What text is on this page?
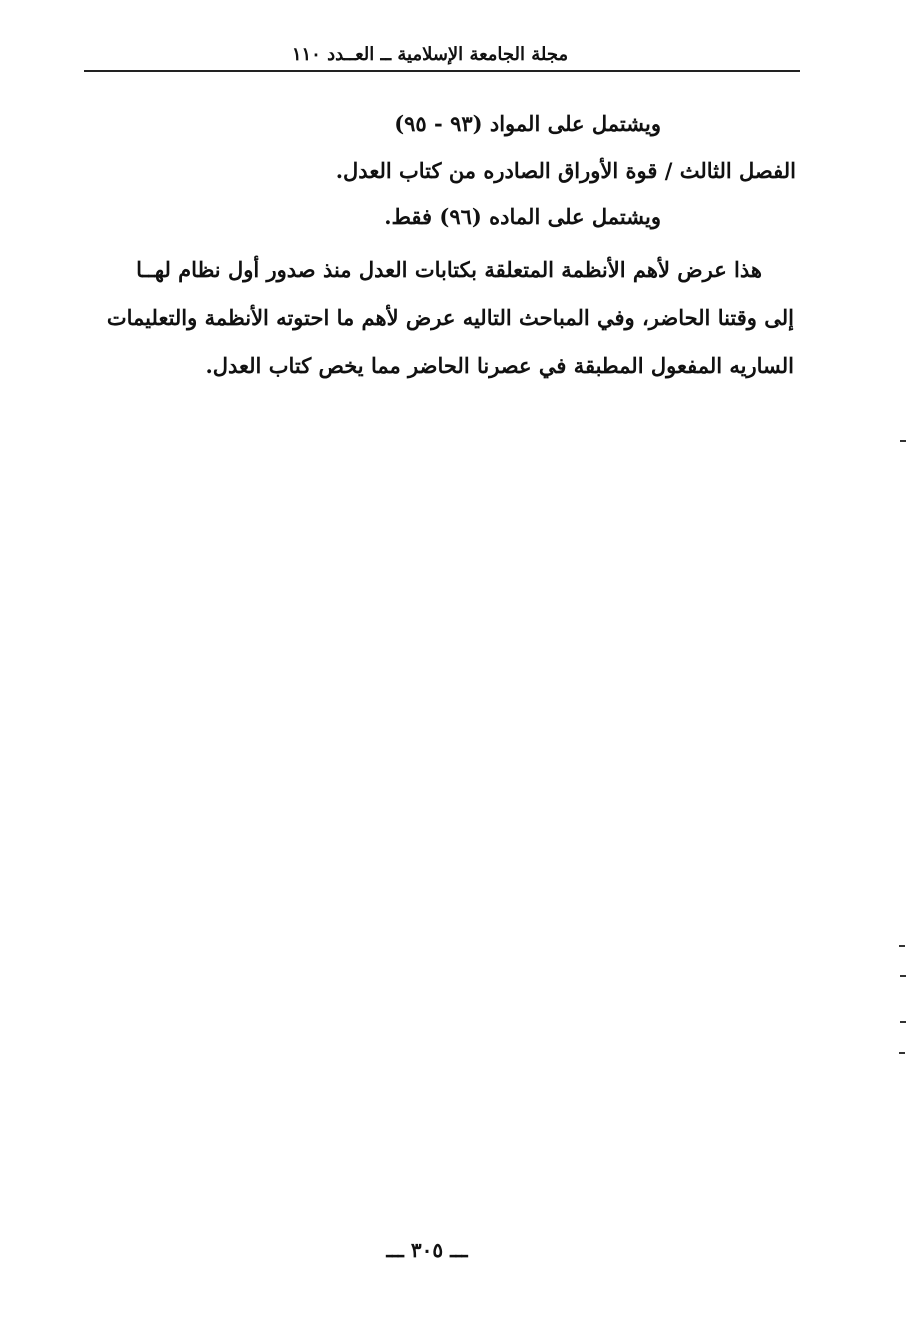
مجلة الجامعة الإسلامية ــ العــدد ١١٠
ويشتمل على المواد (٩٣ - ٩٥)
الفصل الثالث / قوة الأوراق الصادره من كتاب العدل.
ويشتمل على الماده (٩٦) فقط.
هذا عرض لأهم الأنظمة المتعلقة بكتابات العدل منذ صدور أول نظام لهــا
إلى وقتنا الحاضر، وفي المباحث التاليه عرض لأهم ما احتوته الأنظمة والتعليمات
الساريه المفعول المطبقة في عصرنا الحاضر مما يخص كتاب العدل.
ـــ ٣٠٥ ـــ
